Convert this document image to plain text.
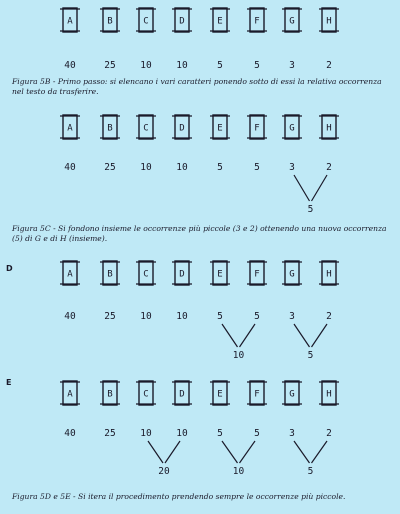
A	B	C	D	E	F	G	H
40	25	10	10	5	5	3	2
A	B	C	D	E	F	G	H
40	25	10	10	5	5	3	2
5
A	B	C	D	E	F	G	H
40	25	10	10	5	5	3	2
10	5
A	B	C	D	E	F	G	H
40	25	10	10	5	5	3	2
20	10	5
Figura 5B - Primo passo: si elencano i vari caratteri ponendo sotto di essi la relativa occorrenza nel testo da trasferire.
Figura 5C - Si fondono insieme le occorrenze più piccole (3 e 2) ottenendo una nuova occorrenza (5) di G e di H (insieme).
D
E
Figura 5D e 5E - Si itera il procedimento prendendo sempre le occorrenze più piccole.
